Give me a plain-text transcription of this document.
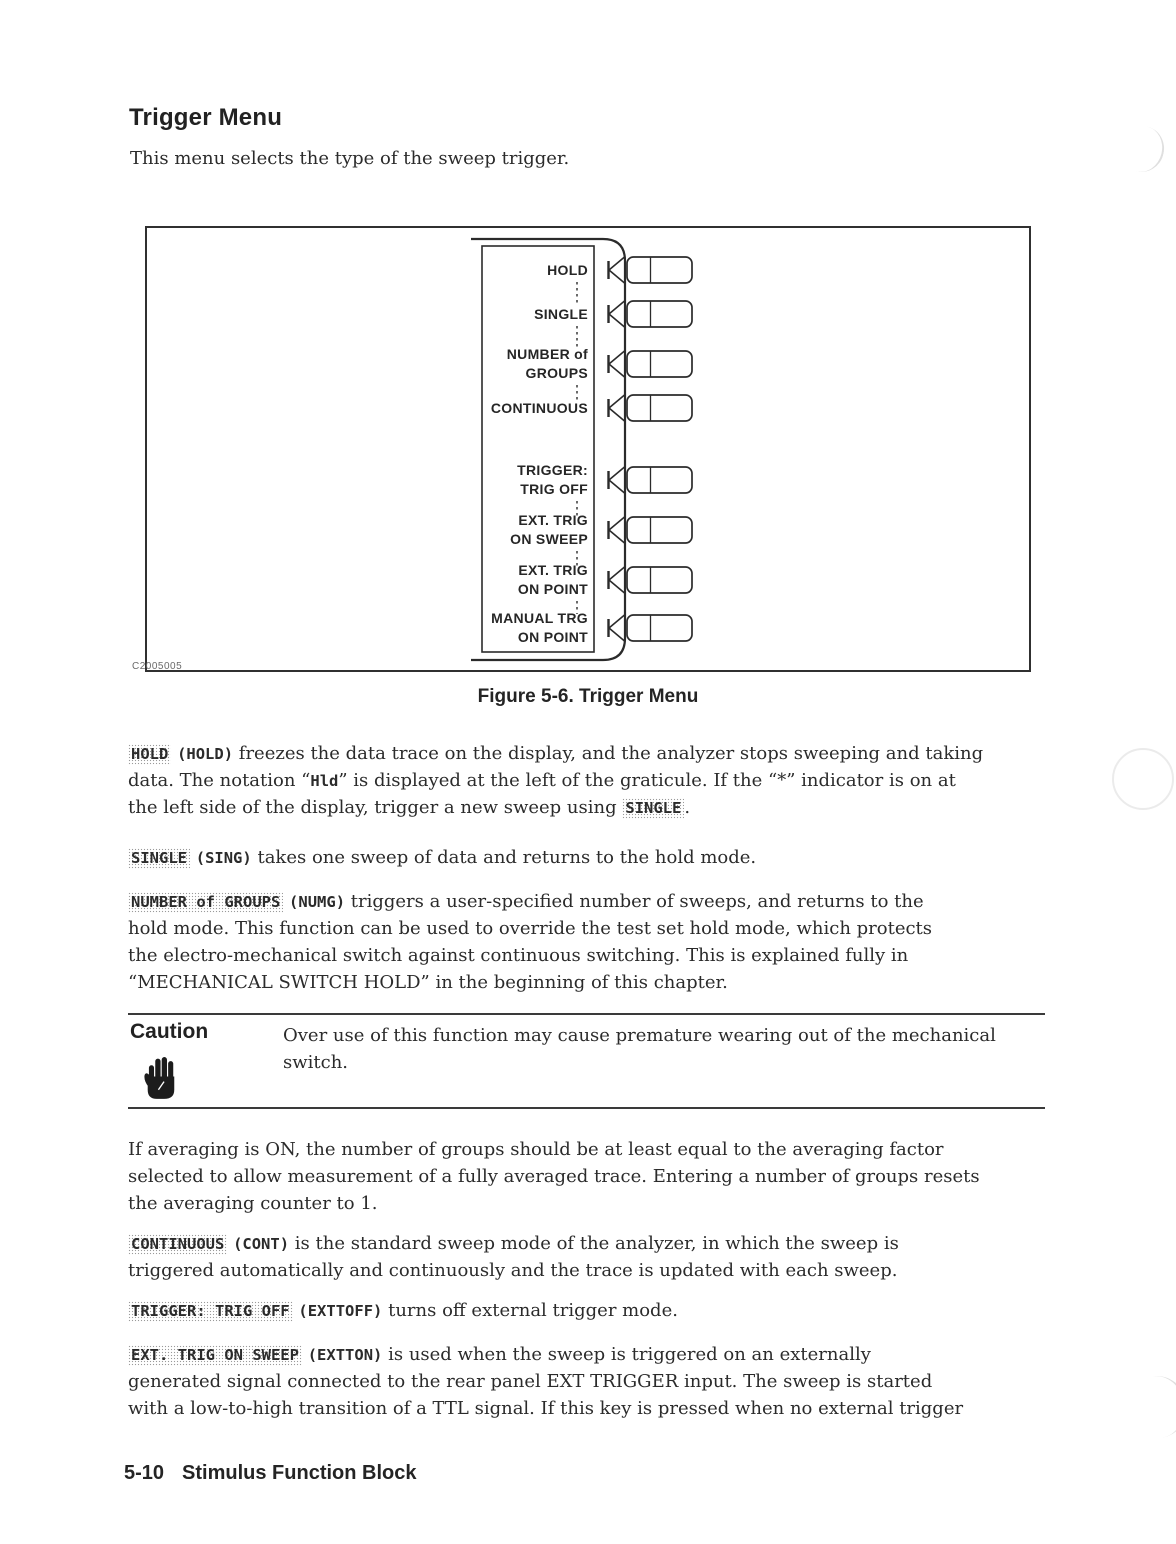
Trigger Menu
This menu selects the type of the sweep trigger.
HOLD
SINGLE
NUMBER of
GROUPS
CONTINUOUS
TRIGGER:
TRIG OFF
EXT. TRIG
ON SWEEP
EXT. TRIG
ON POINT
MANUAL TRG
ON POINT
C2005005
Figure 5-6. Trigger Menu
HOLD (HOLD) freezes the data trace on the display, and the analyzer stops sweeping and taking
data. The notation “Hld” is displayed at the left of the graticule. If the “*” indicator is on at
the left side of the display, trigger a new sweep using SINGLE .
SINGLE (SING) takes one sweep of data and returns to the hold mode.
NUMBER of GROUPS (NUMG) triggers a user-specified number of sweeps, and returns to the
hold mode. This function can be used to override the test set hold mode, which protects
the electro-mechanical switch against continuous switching. This is explained fully in
“MECHANICAL SWITCH HOLD” in the beginning of this chapter.
If averaging is ON, the number of groups should be at least equal to the averaging factor
selected to allow measurement of a fully averaged trace. Entering a number of groups resets
the averaging counter to 1.
CONTINUOUS (CONT) is the standard sweep mode of the analyzer, in which the sweep is
triggered automatically and continuously and the trace is updated with each sweep.
TRIGGER: TRIG OFF (EXTTOFF) turns off external trigger mode.
EXT. TRIG ON SWEEP (EXTTON) is used when the sweep is triggered on an externally
generated signal connected to the rear panel EXT TRIGGER input. The sweep is started
with a low-to-high transition of a TTL signal. If this key is pressed when no external trigger
Caution	Over use of this function may cause premature wearing out of the mechanical
switch.
5-10 Stimulus Function Block
